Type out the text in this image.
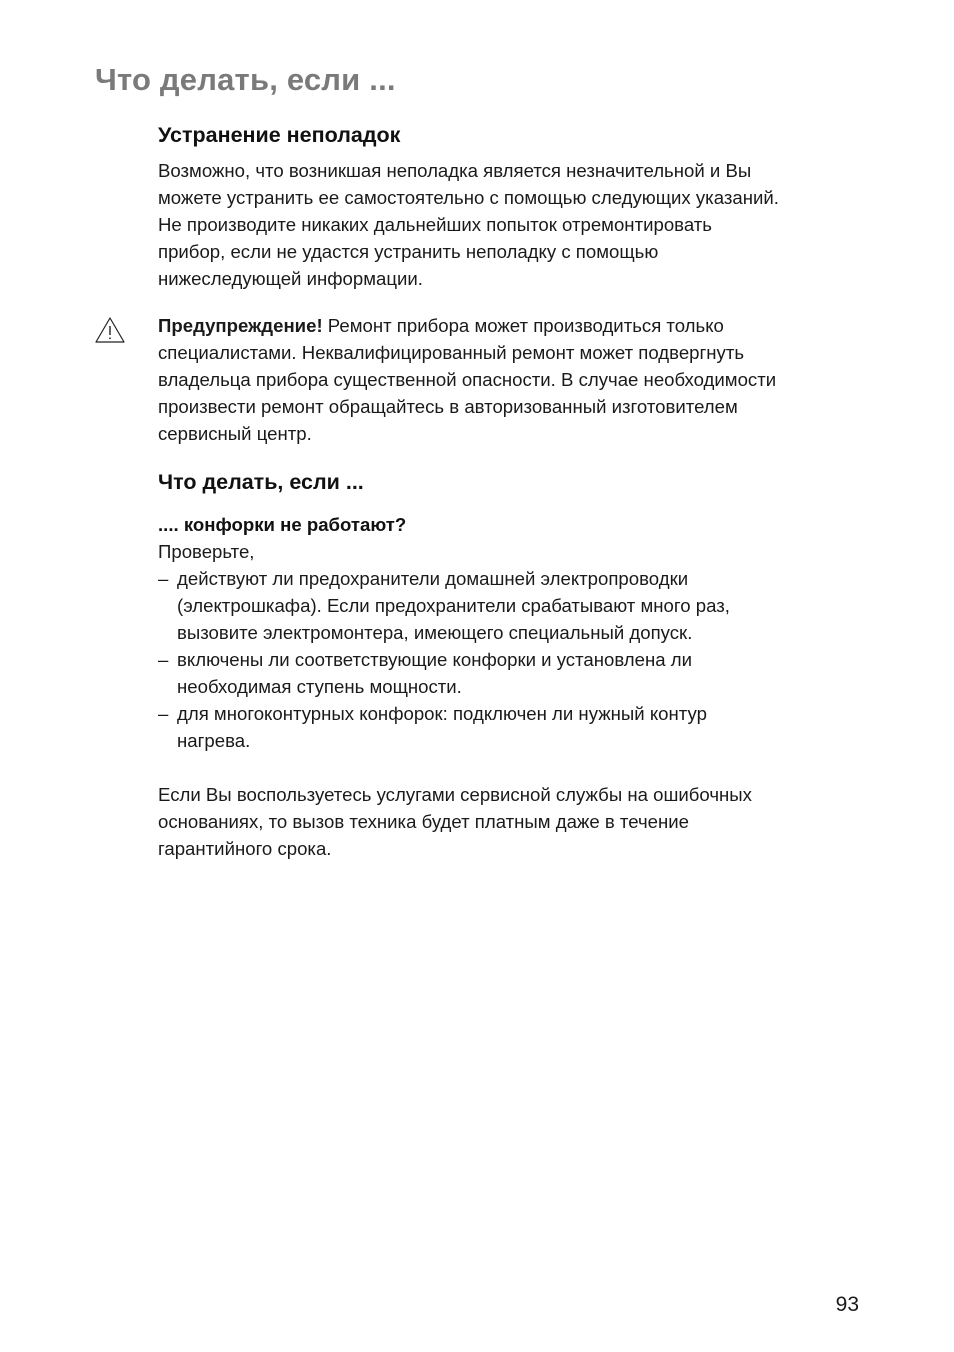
Что делать, если ...
Устранение неполадок

Возможно, что возникшая неполадка является незначительной и Вы
можете устранить ее самостоятельно с помощью следующих указаний.
Не производите никаких дальнейших попыток отремонтировать
прибор, если не удастся устранить неполадку с помощью
нижеследующей информации.

Предупреждение! Ремонт прибора может производиться только
специалистами. Неквалифицированный ремонт может подвергнуть
владельца прибора существенной опасности. В случае необходимости
произвести ремонт обращайтесь в авторизованный изготовителем
сервисный центр.

Что делать, если ...

.... конфорки не работают?

Проверьте,

– действуют ли предохранители домашней электропроводки
(электрошкафа). Если предохранители срабатывают много раз,
вызовите электромонтера, имеющего специальный допуск.
– включены ли соответствующие конфорки и установлена ли
необходимая ступень мощности.
– для многоконтурных конфорок: подключен ли нужный контур
нагрева.

Если Вы воспользуетесь услугами сервисной службы на ошибочных
основаниях, то вызов техника будет платным даже в течение
гарантийного срока.

93
